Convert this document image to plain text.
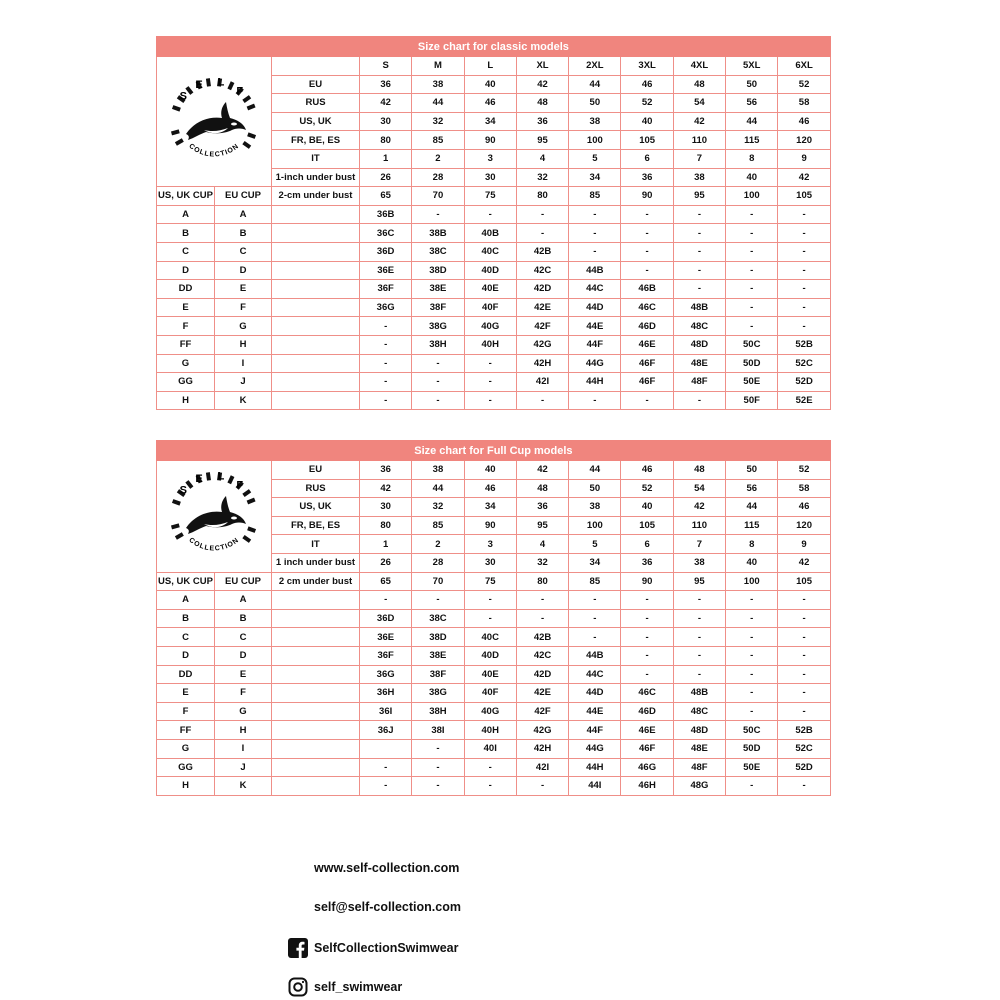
Size chart for classic models											

S
E L
F
COLLECTION			S	M	L	XL	2XL	3XL	4XL	5XL	6XL
		EU	36	38	40	42	44	46	48	50	52
		RUS	42	44	46	48	50	52	54	56	58
		US, UK	30	32	34	36	38	40	42	44	46
		FR, BE, ES	80	85	90	95	100	105	110	115	120
		IT	1	2	3	4	5	6	7	8	9
		1-inch under bust	26	28	30	32	34	36	38	40	42
US, UK CUP	EU CUP	2-cm under bust	65	70	75	80	85	90	95	100	105
A	A		36B	-	-	-	-	-	-	-	-
B	B		36C	38B	40B	-	-	-	-	-	-
C	C		36D	38C	40C	42B	-	-	-	-	-
D	D		36E	38D	40D	42C	44B	-	-	-	-
DD	E		36F	38E	40E	42D	44C	46B	-	-	-
E	F		36G	38F	40F	42E	44D	46C	48B	-	-
F	G		-	38G	40G	42F	44E	46D	48C	-	-
FF	H		-	38H	40H	42G	44F	46E	48D	50C	52B
G	I		-	-	-	42H	44G	46F	48E	50D	52C
GG	J		-	-	-	42I	44H	46F	48F	50E	52D
H	K		-	-	-	-	-	-	-	50F	52E
Size chart for Full Cup models											

S
E L
F
COLLECTION		EU	36	38	40	42	44	46	48	50	52
		RUS	42	44	46	48	50	52	54	56	58
		US, UK	30	32	34	36	38	40	42	44	46
		FR, BE, ES	80	85	90	95	100	105	110	115	120
		IT	1	2	3	4	5	6	7	8	9
		1 inch under bust	26	28	30	32	34	36	38	40	42
US, UK CUP	EU CUP	2 cm under bust	65	70	75	80	85	90	95	100	105
A	A		-	-	-	-	-	-	-	-	-
B	B		36D	38C	-	-	-	-	-	-	-
C	C		36E	38D	40C	42B	-	-	-	-	-
D	D		36F	38E	40D	42C	44B	-	-	-	-
DD	E		36G	38F	40E	42D	44C	-	-	-	-
E	F		36H	38G	40F	42E	44D	46C	48B	-	-
F	G		36I	38H	40G	42F	44E	46D	48C	-	-
FF	H		36J	38I	40H	42G	44F	46E	48D	50C	52B
G	I			-	40I	42H	44G	46F	48E	50D	52C
GG	J		-	-	-	42I	44H	46G	48F	50E	52D
H	K		-	-	-	-	44I	46H	48G	-	-
www.self-collection.com
self@self-collection.com
SelfCollectionSwimwear
self_swimwear
